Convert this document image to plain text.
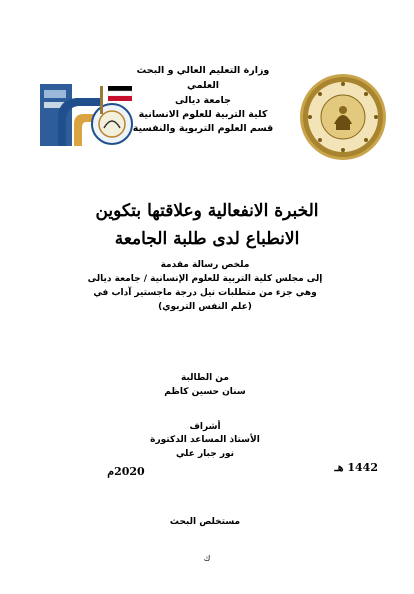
وزارة التعليم العالي و البحث
العلمي
جامعة ديالى
كلية التربية للعلوم الانسانية
قسم العلوم التربوية والنفسية
الخبرة الانفعالية وعلاقتها بتكوين
الانطباع لدى طلبة الجامعة
ملخص رسالة مقدمة
إلى مجلس كلية التربية للعلوم الإنسانية / جامعة ديالى
وهي جزء من متطلبات نيل درجة ماجستير آداب في
(علم النفس التربوي)
من الطالبة
سنان حسين كاظم
أشراف
الأستاذ المساعد الدكتورة
نور جبار علي
1442 هـ
2020م
مستخلص البحث
ك
